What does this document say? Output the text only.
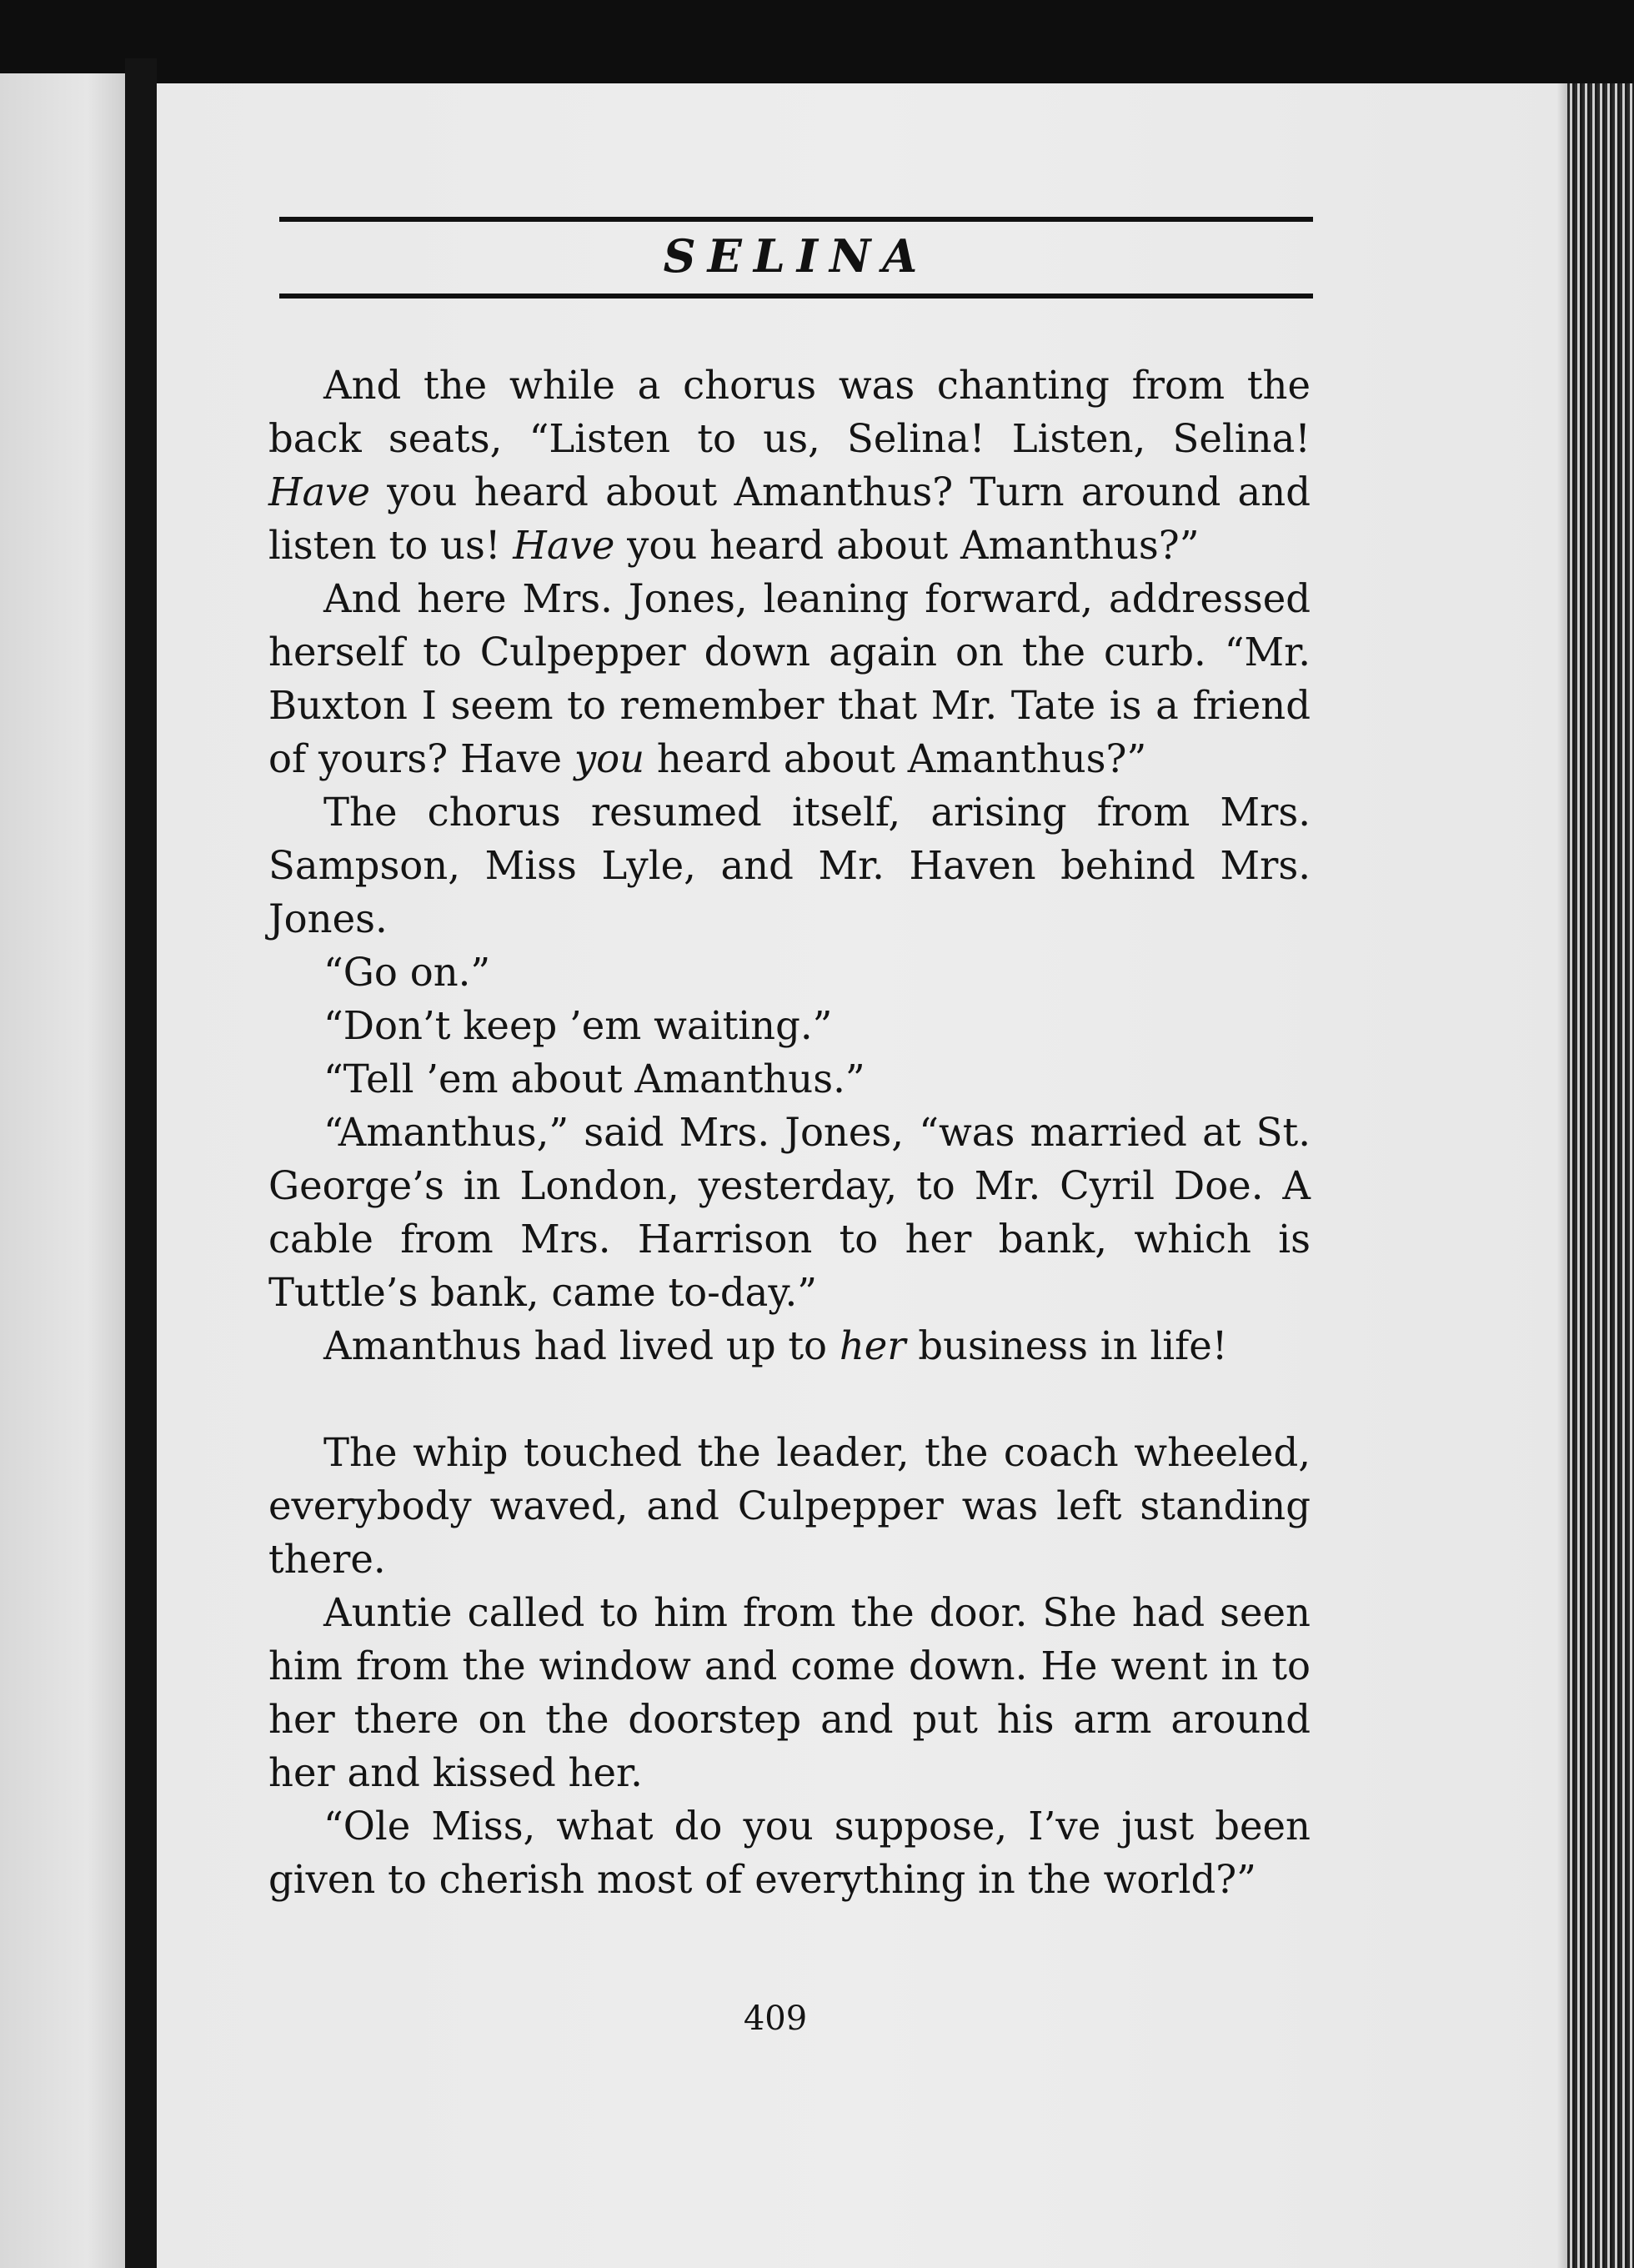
SELINA

And the while a chorus was chanting from the back seats, “Listen to us, Selina! Listen, Selina! Have you heard about Amanthus? Turn around and listen to us! Have you heard about Amanthus?”

And here Mrs. Jones, leaning forward, addressed herself to Culpepper down again on the curb. “Mr. Buxton I seem to remember that Mr. Tate is a friend of yours? Have you heard about Amanthus?”

The chorus resumed itself, arising from Mrs. Sampson, Miss Lyle, and Mr. Haven behind Mrs. Jones.

“Go on.”

“Don’t keep ’em waiting.”

“Tell ’em about Amanthus.”

“Amanthus,” said Mrs. Jones, “was married at St. George’s in London, yesterday, to Mr. Cyril Doe. A cable from Mrs. Harrison to her bank, which is Tuttle’s bank, came to-day.”

Amanthus had lived up to her business in life!

The whip touched the leader, the coach wheeled, everybody waved, and Culpepper was left standing there.

Auntie called to him from the door. She had seen him from the window and come down. He went in to her there on the doorstep and put his arm around her and kissed her.

“Ole Miss, what do you suppose, I’ve just been given to cherish most of everything in the world?”

409
